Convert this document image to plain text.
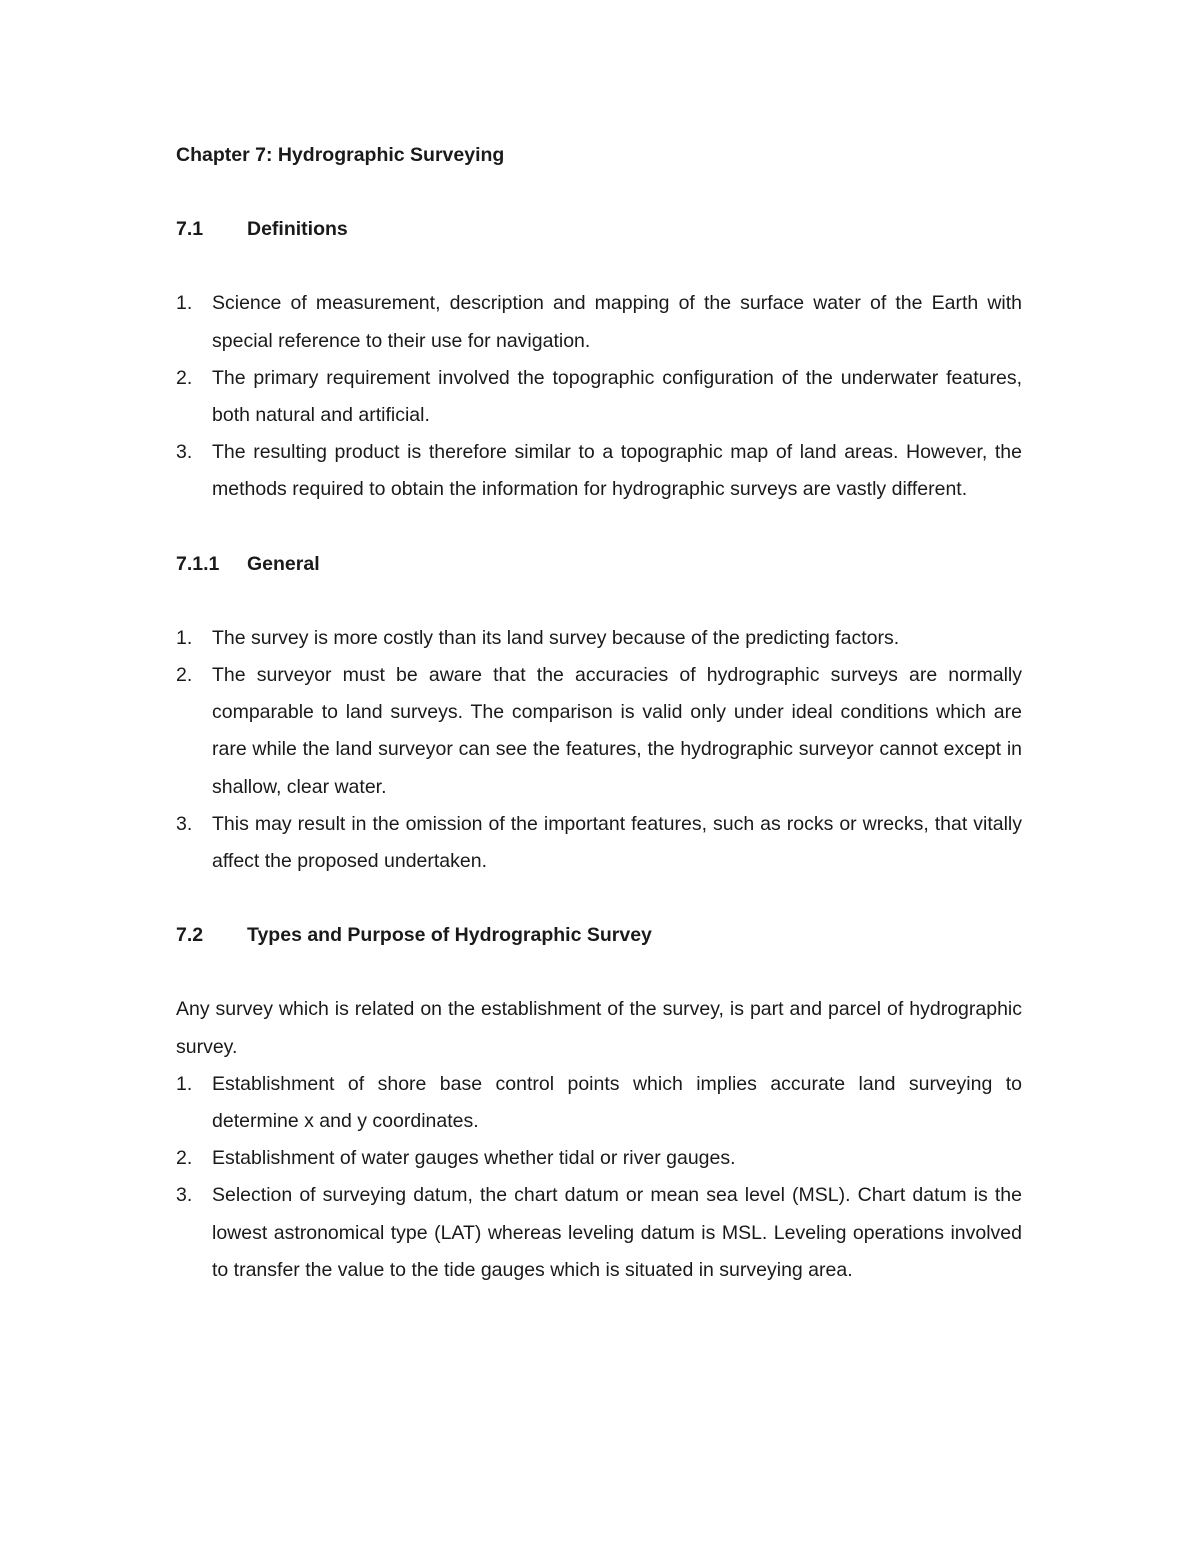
Chapter 7: Hydrographic Surveying

7.1	Definitions
1.	Science of measurement, description and mapping of the surface water of the Earth with special reference to their use for navigation.
2.	The primary requirement involved the topographic configuration of the underwater features, both natural and artificial.
3.	The resulting product is therefore similar to a topographic map of land areas. However, the methods required to obtain the information for hydrographic surveys are vastly different.
7.1.1	General
1.	The survey is more costly than its land survey because of the predicting factors.
2.	The surveyor must be aware that the accuracies of hydrographic surveys are normally comparable to land surveys. The comparison is valid only under ideal conditions which are rare while the land surveyor can see the features, the hydrographic surveyor cannot except in shallow, clear water.
3.	This may result in the omission of the important features, such as rocks or wrecks, that vitally affect the proposed undertaken.
7.2	Types and Purpose of Hydrographic Survey

Any survey which is related on the establishment of the survey, is part and parcel of hydrographic survey.

1.	Establishment of shore base control points which implies accurate land surveying to determine x and y coordinates.
2.	Establishment of water gauges whether tidal or river gauges.
3.	Selection of surveying datum, the chart datum or mean sea level (MSL). Chart datum is the lowest astronomical type (LAT) whereas leveling datum is MSL. Leveling operations involved to transfer the value to the tide gauges which is situated in surveying area.
